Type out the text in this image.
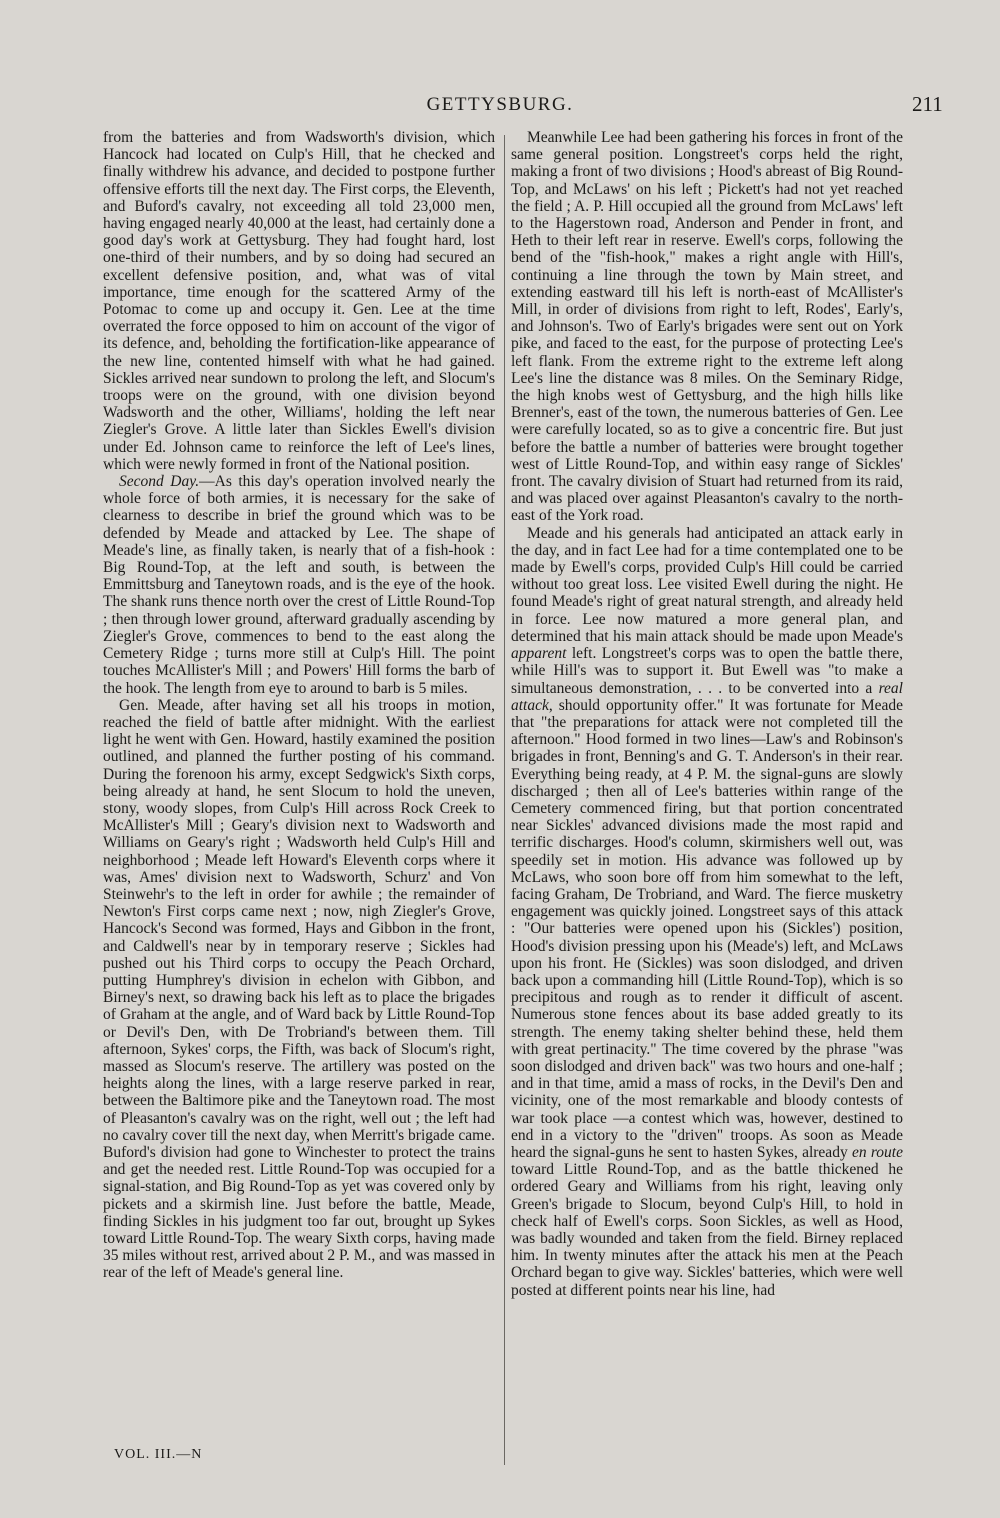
GETTYSBURG.	211

from the batteries and from Wadsworth's division, which Hancock had located on Culp's Hill, that he checked and finally withdrew his advance, and decided to postpone further offensive efforts till the next day. The First corps, the Eleventh, and Buford's cavalry, not exceeding all told 23,000 men, having engaged nearly 40,000 at the least, had certainly done a good day's work at Gettysburg. They had fought hard, lost one-third of their numbers, and by so doing had secured an excellent defensive position, and, what was of vital importance, time enough for the scattered Army of the Potomac to come up and occupy it. Gen. Lee at the time overrated the force opposed to him on account of the vigor of its defence, and, beholding the fortification-like appearance of the new line, contented himself with what he had gained. Sickles arrived near sundown to prolong the left, and Slocum's troops were on the ground, with one division beyond Wadsworth and the other, Williams', holding the left near Ziegler's Grove. A little later than Sickles Ewell's division under Ed. Johnson came to reinforce the left of Lee's lines, which were newly formed in front of the National position.

Second Day.—As this day's operation involved nearly the whole force of both armies, it is necessary for the sake of clearness to describe in brief the ground which was to be defended by Meade and attacked by Lee. The shape of Meade's line, as finally taken, is nearly that of a fish-hook : Big Round-Top, at the left and south, is between the Emmittsburg and Taneytown roads, and is the eye of the hook. The shank runs thence north over the crest of Little Round-Top ; then through lower ground, afterward gradually ascending by Ziegler's Grove, commences to bend to the east along the Cemetery Ridge ; turns more still at Culp's Hill. The point touches McAllister's Mill ; and Powers' Hill forms the barb of the hook. The length from eye to around to barb is 5 miles.

Gen. Meade, after having set all his troops in motion, reached the field of battle after midnight. With the earliest light he went with Gen. Howard, hastily examined the position outlined, and planned the further posting of his command. During the forenoon his army, except Sedgwick's Sixth corps, being already at hand, he sent Slocum to hold the uneven, stony, woody slopes, from Culp's Hill across Rock Creek to McAllister's Mill ; Geary's division next to Wadsworth and Williams on Geary's right ; Wadsworth held Culp's Hill and neighborhood ; Meade left Howard's Eleventh corps where it was, Ames' division next to Wadsworth, Schurz' and Von Steinwehr's to the left in order for awhile ; the remainder of Newton's First corps came next ; now, nigh Ziegler's Grove, Hancock's Second was formed, Hays and Gibbon in the front, and Caldwell's near by in temporary reserve ; Sickles had pushed out his Third corps to occupy the Peach Orchard, putting Humphrey's division in echelon with Gibbon, and Birney's next, so drawing back his left as to place the brigades of Graham at the angle, and of Ward back by Little Round-Top or Devil's Den, with De Trobriand's between them. Till afternoon, Sykes' corps, the Fifth, was back of Slocum's right, massed as Slocum's reserve. The artillery was posted on the heights along the lines, with a large reserve parked in rear, between the Baltimore pike and the Taneytown road. The most of Pleasanton's cavalry was on the right, well out ; the left had no cavalry cover till the next day, when Merritt's brigade came. Buford's division had gone to Winchester to protect the trains and get the needed rest. Little Round-Top was occupied for a signal-station, and Big Round-Top as yet was covered only by pickets and a skirmish line. Just before the battle, Meade, finding Sickles in his judgment too far out, brought up Sykes toward Little Round-Top. The weary Sixth corps, having made 35 miles without rest, arrived about 2 P. M., and was massed in rear of the left of Meade's general line.

Meanwhile Lee had been gathering his forces in front of the same general position. Longstreet's corps held the right, making a front of two divisions ; Hood's abreast of Big Round-Top, and McLaws' on his left ; Pickett's had not yet reached the field ; A. P. Hill occupied all the ground from McLaws' left to the Hagerstown road, Anderson and Pender in front, and Heth to their left rear in reserve. Ewell's corps, following the bend of the "fish-hook," makes a right angle with Hill's, continuing a line through the town by Main street, and extending eastward till his left is north-east of McAllister's Mill, in order of divisions from right to left, Rodes', Early's, and Johnson's. Two of Early's brigades were sent out on York pike, and faced to the east, for the purpose of protecting Lee's left flank. From the extreme right to the extreme left along Lee's line the distance was 8 miles. On the Seminary Ridge, the high knobs west of Gettysburg, and the high hills like Brenner's, east of the town, the numerous batteries of Gen. Lee were carefully located, so as to give a concentric fire. But just before the battle a number of batteries were brought together west of Little Round-Top, and within easy range of Sickles' front. The cavalry division of Stuart had returned from its raid, and was placed over against Pleasanton's cavalry to the north-east of the York road.

Meade and his generals had anticipated an attack early in the day, and in fact Lee had for a time contemplated one to be made by Ewell's corps, provided Culp's Hill could be carried without too great loss. Lee visited Ewell during the night. He found Meade's right of great natural strength, and already held in force. Lee now matured a more general plan, and determined that his main attack should be made upon Meade's apparent left. Longstreet's corps was to open the battle there, while Hill's was to support it. But Ewell was "to make a simultaneous demonstration, . . . to be converted into a real attack, should opportunity offer." It was fortunate for Meade that "the preparations for attack were not completed till the afternoon." Hood formed in two lines—Law's and Robinson's brigades in front, Benning's and G. T. Anderson's in their rear. Everything being ready, at 4 P. M. the signal-guns are slowly discharged ; then all of Lee's batteries within range of the Cemetery commenced firing, but that portion concentrated near Sickles' advanced divisions made the most rapid and terrific discharges. Hood's column, skirmishers well out, was speedily set in motion. His advance was followed up by McLaws, who soon bore off from him somewhat to the left, facing Graham, De Trobriand, and Ward. The fierce musketry engagement was quickly joined. Longstreet says of this attack : "Our batteries were opened upon his (Sickles') position, Hood's division pressing upon his (Meade's) left, and McLaws upon his front. He (Sickles) was soon dislodged, and driven back upon a commanding hill (Little Round-Top), which is so precipitous and rough as to render it difficult of ascent. Numerous stone fences about its base added greatly to its strength. The enemy taking shelter behind these, held them with great pertinacity." The time covered by the phrase "was soon dislodged and driven back" was two hours and one-half ; and in that time, amid a mass of rocks, in the Devil's Den and vicinity, one of the most remarkable and bloody contests of war took place —a contest which was, however, destined to end in a victory to the "driven" troops. As soon as Meade heard the signal-guns he sent to hasten Sykes, already en route toward Little Round-Top, and as the battle thickened he ordered Geary and Williams from his right, leaving only Green's brigade to Slocum, beyond Culp's Hill, to hold in check half of Ewell's corps. Soon Sickles, as well as Hood, was badly wounded and taken from the field. Birney replaced him. In twenty minutes after the attack his men at the Peach Orchard began to give way. Sickles' batteries, which were well posted at different points near his line, had

VOL. III.—N
